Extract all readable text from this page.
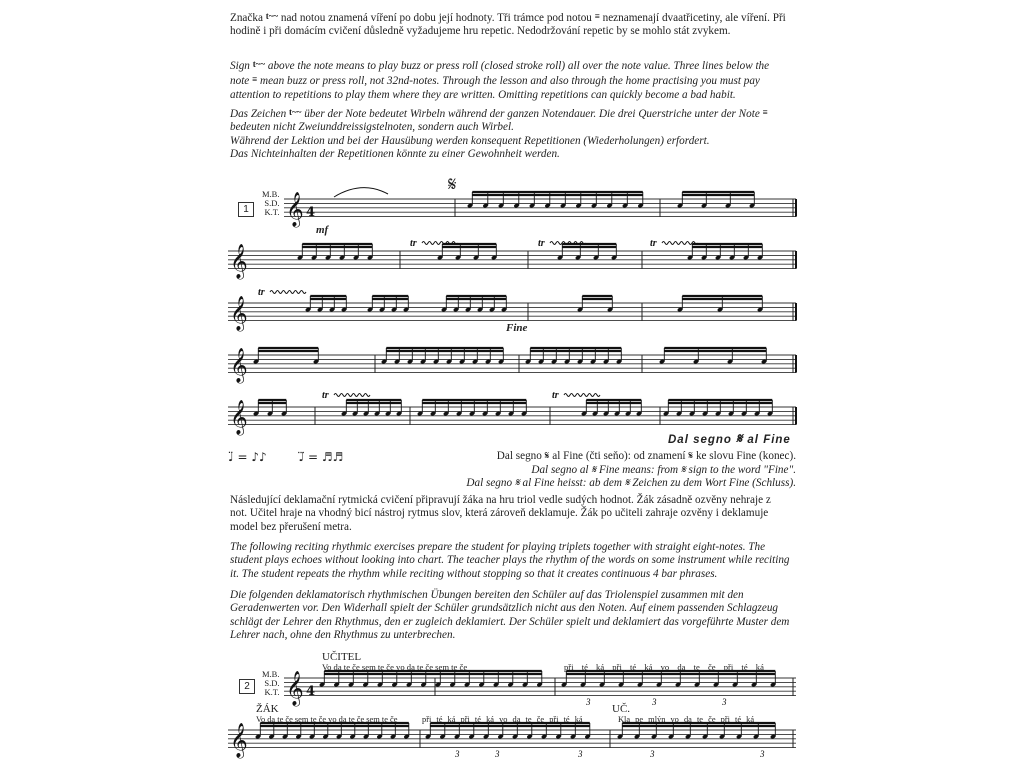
Značka t~~ nad notou znamená víření po dobu její hodnoty. Tři trámce pod notou ≡ neznamenají dvaatřicetiny, ale víření. Při hodině i při domácím cvičení důsledně vyžadujeme hru repetic. Nedodržování repetic by se mohlo stát zvykem.

Sign t~~ above the note means to play buzz or press roll (closed stroke roll) all over the note value. Three lines below the note ≡ mean buzz or press roll, not 32nd-notes. Through the lesson and also through the home practising you must pay attention to repetitions to play them where they are written. Omitting repetitions can quickly become a bad habit.

Das Zeichen t~~ über der Note bedeutet Wirbeln während der ganzen Notendauer. Die drei Querstriche unter der Note ≡ bedeuten nicht Zweiunddreissigstelnoten, sondern auch Wirbel.
Während der Lektion und bei der Hausübung werden konsequent Repetitionen (Wiederholungen) erfordert.
Das Nichteinhalten der Repetitionen könnte zu einer Gewohnheit werden.

1
M.B.
S.D.
K.T.
mf
Fine
Dal segno 𝄋 al Fine
𝄋
𝄞
𝄞
𝄞
𝄞
𝄞
4
tr	tr	tr
tr
tr	tr
♩̈ = ♪♪	♩⃛ = ♬♬	Dal segno 𝄋 al Fine (čti seňo): od znamení 𝄋 ke slovu Fine (konec).
Dal segno al 𝄋 Fine means: from 𝄋 sign to the word "Fine".
Dal segno 𝄋 al Fine heisst: ab dem 𝄋 Zeichen zu dem Wort Fine (Schluss).

Následující deklamační rytmická cvičení připravují žáka na hru triol vedle sudých hodnot. Žák zásadně ozvěny nehraje z not. Učitel hraje na vhodný bicí nástroj rytmus slov, která zároveň deklamuje. Žák po učiteli zahraje ozvěny i deklamuje model bez přerušení metra.

The following reciting rhythmic exercises prepare the student for playing triplets together with straight eight-notes. The student plays echoes without looking into chart. The teacher plays the rhythm of the words on some instrument while reciting it. The student repeats the rhythm while reciting without stopping so that it creates continuous 4 bar phrases.

Die folgenden deklamatorisch rhythmischen Übungen bereiten den Schüler auf das Triolenspiel zusammen mit den Geradenwerten vor. Den Widerhall spielt der Schüler grundsätzlich nicht aus den Noten. Auf einem passenden Schlagzeug schlägt der Lehrer den Rhythmus, den er zugleich deklamiert. Der Schüler spielt und deklamiert das vorgeführte Muster dem Lehrer nach, ohne den Rhythmus zu unterbrechen.

UČITEL
Vo da te če sem te če vo da te če sem te če	při té ká při té ká vo da te če při té ká
2
M.B.
S.D.
K.T.
ŽÁK	UČ.
Vo da te če sem te če vo da te če sem te če	při té ká při té ká vo da te če při té ká	Kla pe mlýn vo da te če při té ká
𝄞 4
𝄞
3	3	3
3	3	3	3	3
